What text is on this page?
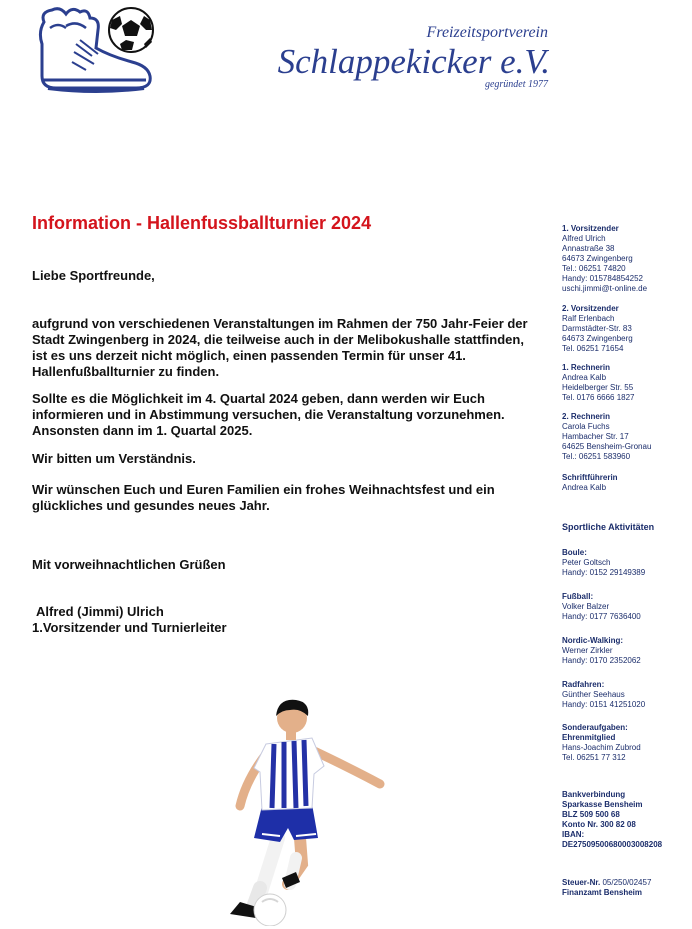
Freizeitsportverein
Schlappekicker e.V.
gegründet 1977
Information - Hallenfussballturnier 2024

Liebe Sportfreunde,

aufgrund von verschiedenen Veranstaltungen im Rahmen der 750 Jahr-Feier der Stadt Zwingenberg in 2024, die teilweise auch in der Melibokushalle stattfinden, ist es uns derzeit nicht möglich, einen passenden Termin für unser 41. Hallenfußballturnier zu finden.

Sollte es die Möglichkeit im 4. Quartal 2024 geben, dann werden wir Euch informieren und in Abstimmung versuchen, die Veranstaltung vorzunehmen. Ansonsten dann im 1. Quartal 2025.

Wir bitten um Verständnis.

Wir wünschen Euch und Euren Familien ein frohes Weihnachtsfest und ein glückliches und gesundes neues Jahr.

Mit vorweihnachtlichen Grüßen

Alfred (Jimmi) Ulrich

1.Vorsitzender und Turnierleiter

1. Vorsitzender
Alfred Ulrich
Annastraße 38
64673 Zwingenberg
Tel.: 06251 74820
Handy: 015784854252
uschi.jimmi@t-online.de
2. Vorsitzender
Ralf Erlenbach
Darmstädter-Str. 83
64673 Zwingenberg
Tel. 06251 71654
1. Rechnerin
Andrea Kalb
Heidelberger Str. 55
Tel. 0176 6666 1827
2. Rechnerin
Carola Fuchs
Hambacher Str. 17
64625 Bensheim-Gronau
Tel.: 06251 583960
Schriftführerin
Andrea Kalb
Sportliche Aktivitäten
Boule:
Peter Goltsch
Handy: 0152 29149389
Fußball:
Volker Balzer
Handy: 0177 7636400
Nordic-Walking:
Werner Zirkler
Handy: 0170 2352062
Radfahren:
Günther Seehaus
Handy: 0151 41251020
Sonderaufgaben:
Ehrenmitglied
Hans-Joachim Zubrod
Tel. 06251 77 312
Bankverbindung
Sparkasse Bensheim
BLZ 509 500 68
Konto Nr. 300 82 08
IBAN:
DE27509500680003008208
Steuer-Nr. 05/250/02457
Finanzamt Bensheim
